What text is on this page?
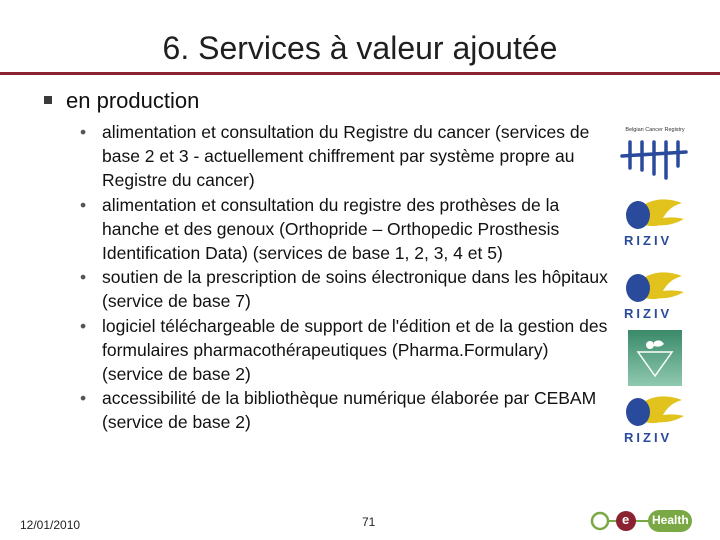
6. Services à valeur ajoutée
en production
• alimentation et consultation du Registre du cancer (services de base 2 et 3 - actuellement chiffrement par système propre au Registre du cancer)
• alimentation et consultation du registre des prothèses de la hanche et des genoux (Orthopride – Orthopedic Prosthesis Identification Data) (services de base 1, 2, 3, 4 et 5)
• soutien de la prescription de soins électronique dans les hôpitaux (service de base 7)
• logiciel téléchargeable de support de l'édition et de la gestion des formulaires pharmacothérapeutiques (Pharma.Formulary) (service de base 2)
• accessibilité de la bibliothèque numérique élaborée par CEBAM (service de base 2)
Belgian Cancer Registry
RIZIV
RIZIV
RIZIV
12/01/2010	71	e Health
